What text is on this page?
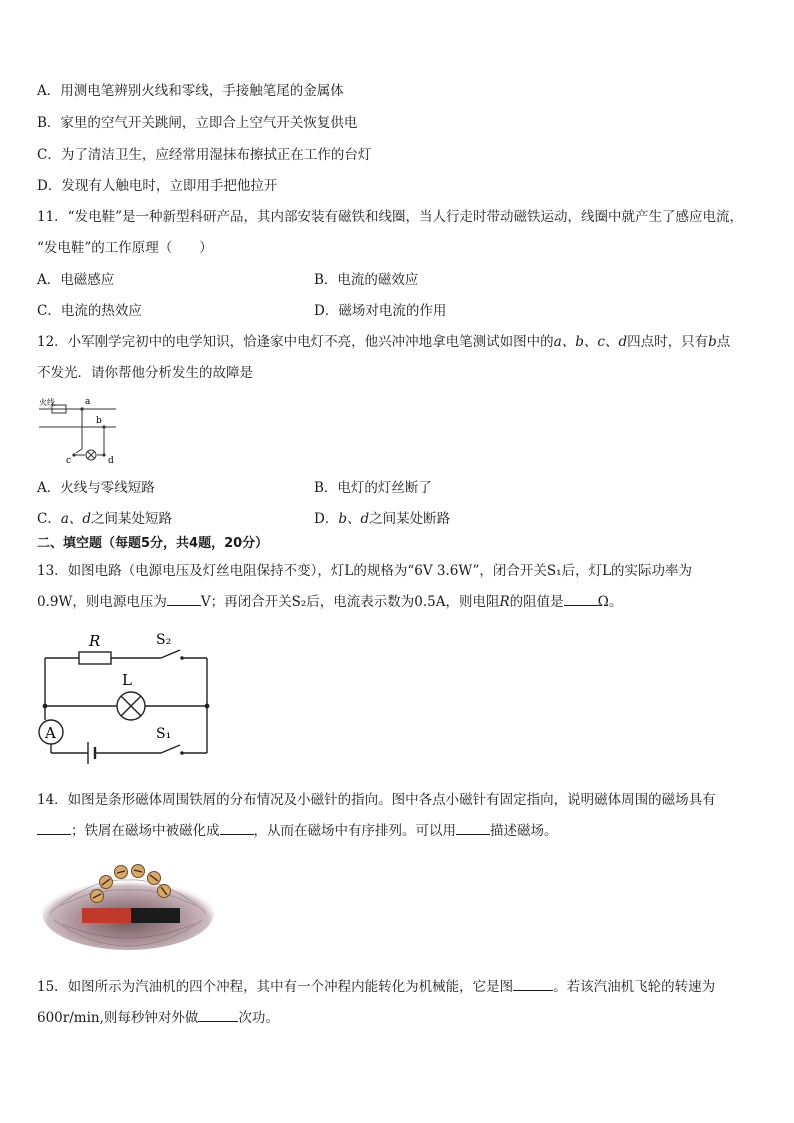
A．用测电笔辨别火线和零线，手接触笔尾的金属体
B．家里的空气开关跳闸，立即合上空气开关恢复供电
C．为了清洁卫生，应经常用湿抹布擦拭正在工作的台灯
D．发现有人触电时，立即用手把他拉开
11．“发电鞋”是一种新型科研产品，其内部安装有磁铁和线圈，当人行走时带动磁铁运动，线圈中就产生了感应电流，
“发电鞋”的工作原理（　　）
A．电磁感应	B．电流的磁效应
C．电流的热效应	D．磁场对电流的作用
12．小军刚学完初中的电学知识，恰逢家中电灯不亮，他兴冲冲地拿电笔测试如图中的a、b、c、d四点时，只有b点
不发光．请你帮他分析发生的故障是
火线	a
b
c	d
A．火线与零线短路	B．电灯的灯丝断了
C．a、d之间某处短路	D．b、d之间某处断路
二、填空题（每题5分，共4题，20分）
13．如图电路（电源电压及灯丝电阻保持不变），灯L的规格为“6V 3.6W”，闭合开关S₁后，灯L的实际功率为
0.9W，则电源电压为	V；再闭合开关S₂后，电流表示数为0.5A，则电阻R的阻值是	Ω。
R	S₂
L
A	S₁
14．如图是条形磁体周围铁屑的分布情况及小磁针的指向。图中各点小磁针有固定指向，说明磁体周围的磁场具有
；铁屑在磁场中被磁化成	，从而在磁场中有序排列。可以用	描述磁场。
15．如图所示为汽油机的四个冲程，其中有一个冲程内能转化为机械能，它是图	。若该汽油机飞轮的转速为
600r/min,则每秒钟对外做	次功。
